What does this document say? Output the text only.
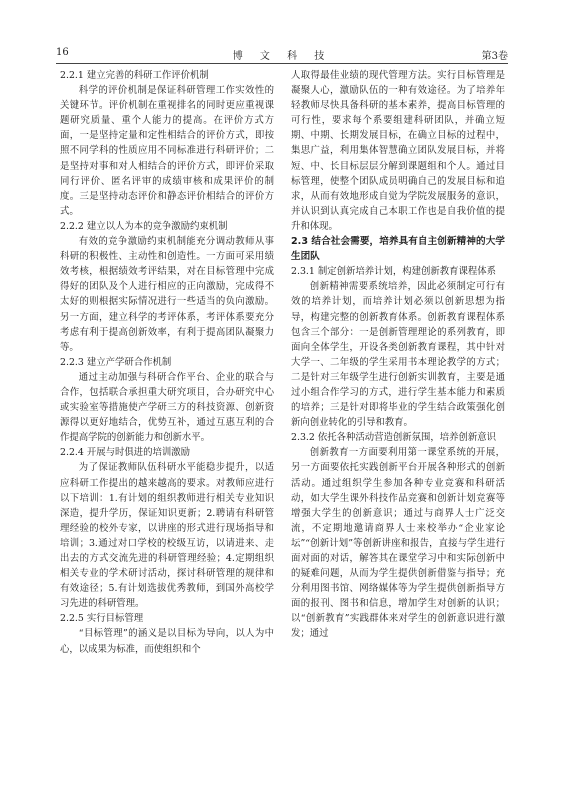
16	博 文 科 技	第3卷
2.2.1 建立完善的科研工作评价机制

科学的评价机制是保证科研管理工作实效性的关键环节。评价机制在重视排名的同时更应重视课题研究质量、重个人能力的提高。在评价方式方面，一是坚持定量和定性相结合的评价方式，即按照不同学科的性质应用不同标准进行科研评价；二是坚持对事和对人相结合的评价方式，即评价采取同行评价、匿名评审的成绩审核和成果评价的制度。三是坚持动态评价和静态评价相结合的评价方式。

2.2.2 建立以人为本的竞争激励约束机制

有效的竞争激励约束机制能充分调动教师从事科研的积极性、主动性和创造性。一方面可采用绩效考核，根据绩效考评结果，对在目标管理中完成得好的团队及个人进行相应的正向激励，完成得不太好的则根据实际情况进行一些适当的负向激励。另一方面，建立科学的考评体系，考评体系要充分考虑有利于提高创新效率，有利于提高团队凝聚力等。

2.2.3 建立产学研合作机制

通过主动加强与科研合作平台、企业的联合与合作，包括联合承担重大研究项目，合办研究中心或实验室等措施使产学研三方的科技资源、创新资源得以更好地结合，优势互补，通过互惠互利的合作提高学院的创新能力和创新水平。

2.2.4 开展与时俱进的培训激励

为了保证教师队伍科研水平能稳步提升，以适应科研工作提出的越来越高的要求。对教师应进行以下培训：1.有计划的组织教师进行相关专业知识深造，提升学历，保证知识更新；2.聘请有科研管理经验的校外专家，以讲座的形式进行现场指导和培训；3.通过对口学校的校级互访，以请进来、走出去的方式交流先进的科研管理经验；4.定期组织相关专业的学术研讨活动，探讨科研管理的规律和有效途径；5.有计划选拔优秀教师，到国外高校学习先进的科研管理。

2.2.5 实行目标管理

“目标管理”的涵义是以目标为导向，以人为中心，以成果为标准，而使组织和个

人取得最佳业绩的现代管理方法。实行目标管理是凝聚人心，激励队伍的一种有效途径。为了培养年轻教师尽快具备科研的基本素养，提高目标管理的可行性，要求每个系要组建科研团队，并确立短期、中期、长期发展目标，在确立目标的过程中，集思广益，利用集体智慧确立团队发展目标，并将短、中、长目标层层分解到课题组和个人。通过目标管理，使整个团队成员明确自己的发展目标和追求，从而有效地形成自觉为学院发展服务的意识，并认识到认真完成自己本职工作也是自我价值的提升和体现。

2.3 结合社会需要，培养具有自主创新精神的大学生团队
2.3.1 制定创新培养计划，构建创新教育课程体系

创新精神需要系统培养，因此必须制定可行有效的培养计划，而培养计划必须以创新思想为指导，构建完整的创新教育体系。创新教育课程体系包含三个部分：一是创新管理理论的系列教育，即面向全体学生，开设各类创新教育课程，其中针对大学一、二年级的学生采用书本理论教学的方式；二是针对三年级学生进行创新实训教育，主要是通过小组合作学习的方式，进行学生基本能力和素质的培养；三是针对即将毕业的学生结合政策强化创新向创业转化的引导和教育。

2.3.2 依托各种活动营造创新氛围，培养创新意识

创新教育一方面要利用第一课堂系统的开展，另一方面要依托实践创新平台开展各种形式的创新活动。通过组织学生参加各种专业竞赛和科研活动，如大学生课外科技作品竞赛和创新计划竞赛等增强大学生的创新意识；通过与商界人士广泛交流，不定期地邀请商界人士来校举办“企业家论坛”“创新计划”等创新讲座和报告，直接与学生进行面对面的对话，解答其在课堂学习中和实际创新中的疑难问题，从而为学生提供创新借鉴与指导；充分利用图书馆、网络媒体等为学生提供创新指导方面的报刊、图书和信息，增加学生对创新的认识；以“创新教育”实践群体来对学生的创新意识进行激发；通过
